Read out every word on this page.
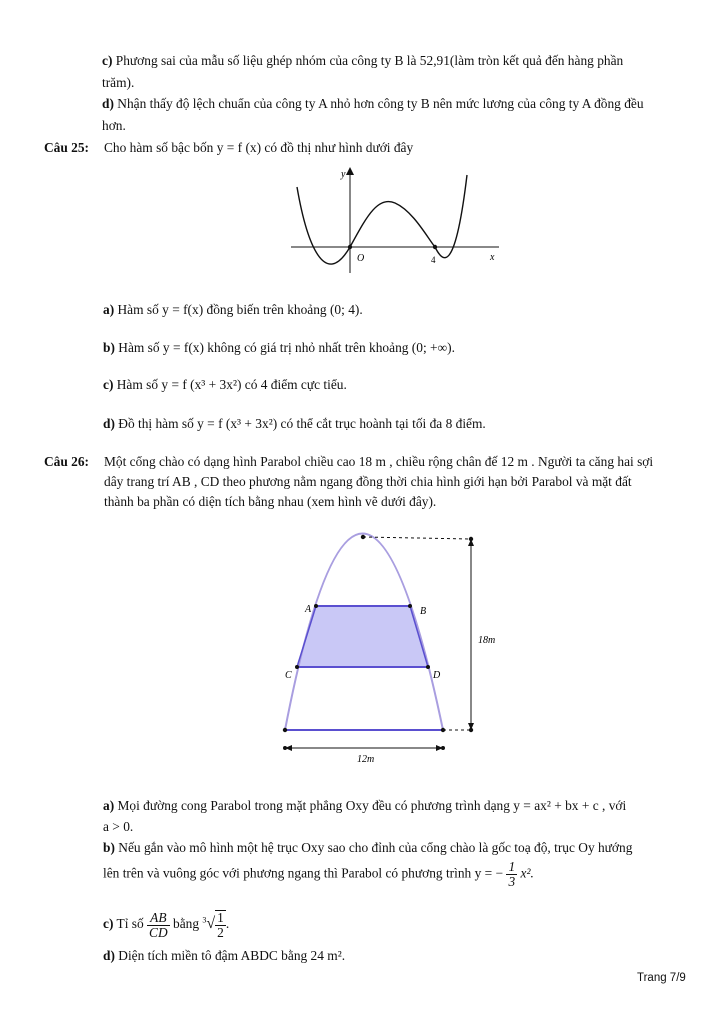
c) Phương sai của mẫu số liệu ghép nhóm của công ty B là 52,91(làm tròn kết quả đến hàng phần
trăm).
d) Nhận thấy độ lệch chuẩn của công ty A nhỏ hơn công ty B nên mức lương của công ty A đồng đều
hơn.
Câu 25: Cho hàm số bậc bốn y = f (x) có đồ thị như hình dưới đây
y
x
O	4
a) Hàm số y = f(x) đồng biến trên khoảng (0; 4).
b) Hàm số y = f(x) không có giá trị nhỏ nhất trên khoảng (0; +∞).
c) Hàm số y = f (x³ + 3x²) có 4 điểm cực tiểu.
d) Đồ thị hàm số y = f (x³ + 3x²) có thể cắt trục hoành tại tối đa 8 điểm.
Câu 26: Một cổng chào có dạng hình Parabol chiều cao 18 m , chiều rộng chân đế 12 m . Người ta căng hai sợi
dây trang trí AB , CD theo phương nằm ngang đồng thời chia hình giới hạn bởi Parabol và mặt đất
thành ba phần có diện tích bằng nhau (xem hình vẽ dưới đây).
A	B
C	D
18m
12m
a) Mọi đường cong Parabol trong mặt phẳng Oxy đều có phương trình dạng y = ax² + bx + c , với
a > 0.
b) Nếu gắn vào mô hình một hệ trục Oxy sao cho đỉnh của cổng chào là gốc toạ độ, trục Oy hướng
lên trên và vuông góc với phương ngang thì Parabol có phương trình y = − $\frac{1}{3} x^2$.
c) Tỉ số $\frac{AB}{CD}$ bằng $^3√ \frac{1}{2}$ .
d) Diện tích miền tô đậm ABDC bằng 24 m².
Trang 7/9
